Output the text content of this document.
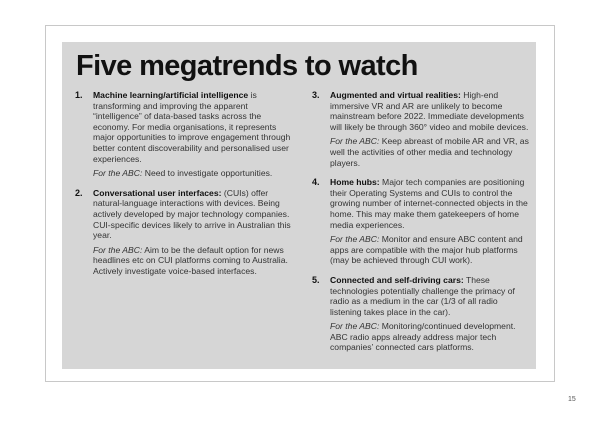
Five megatrends to watch
1. Machine learning/artificial intelligence is transforming and improving the apparent “intelligence” of data-based tasks across the economy. For media organisations, it represents major opportunities to improve engagement through better content discoverability and personalised user experiences.

For the ABC: Need to investigate opportunities.

2. Conversational user interfaces: (CUIs) offer natural-language interactions with devices. Being actively developed by major technology companies. CUI-specific devices likely to arrive in Australian this year.

For the ABC: Aim to be the default option for news headlines etc on CUI platforms coming to Australia. Actively investigate voice-based interfaces.

3. Augmented and virtual realities: High-end immersive VR and AR are unlikely to become mainstream before 2022. Immediate developments will likely be through 360° video and mobile devices.

For the ABC: Keep abreast of mobile AR and VR, as well the activities of other media and technology players.

4. Home hubs: Major tech companies are positioning their Operating Systems and CUIs to control the growing number of internet-connected objects in the home. This may make them gatekeepers of home media experiences.

For the ABC: Monitor and ensure ABC content and apps are compatible with the major hub platforms (may be achieved through CUI work).

5. Connected and self-driving cars: These technologies potentially challenge the primacy of radio as a medium in the car (1/3 of all radio listening takes place in the car).

For the ABC: Monitoring/continued development. ABC radio apps already address major tech companies’ connected cars platforms.

15
